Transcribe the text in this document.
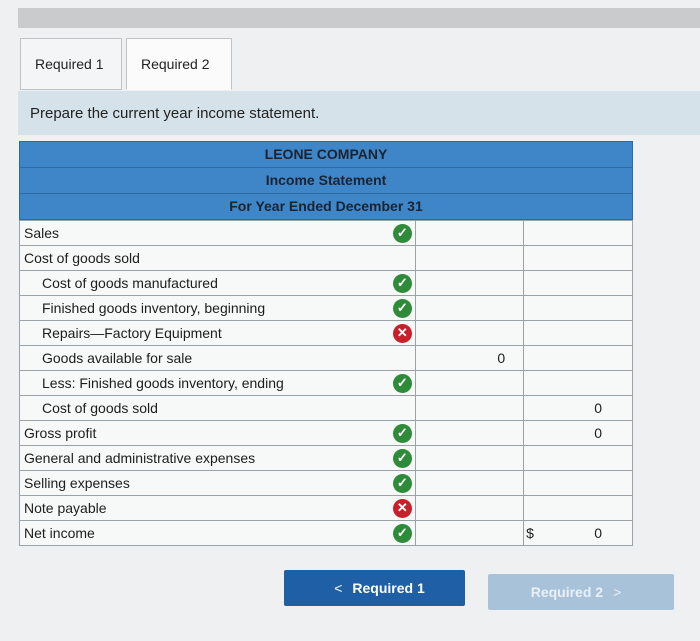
Required 1	Required 2
Prepare the current year income statement.
LEONE COMPANY
Income Statement
For Year Ended December 31
Sales	✓		
Cost of goods sold			
Cost of goods manufactured	✓		
Finished goods inventory, beginning	✓		
Repairs—Factory Equipment	✕		
Goods available for sale		0	
Less: Finished goods inventory, ending	✓		
Cost of goods sold			0
Gross profit	✓		0
General and administrative expenses	✓		
Selling expenses	✓		
Note payable	✕		
Net income	✓		$ 0
< Required 1	Required 2 >
